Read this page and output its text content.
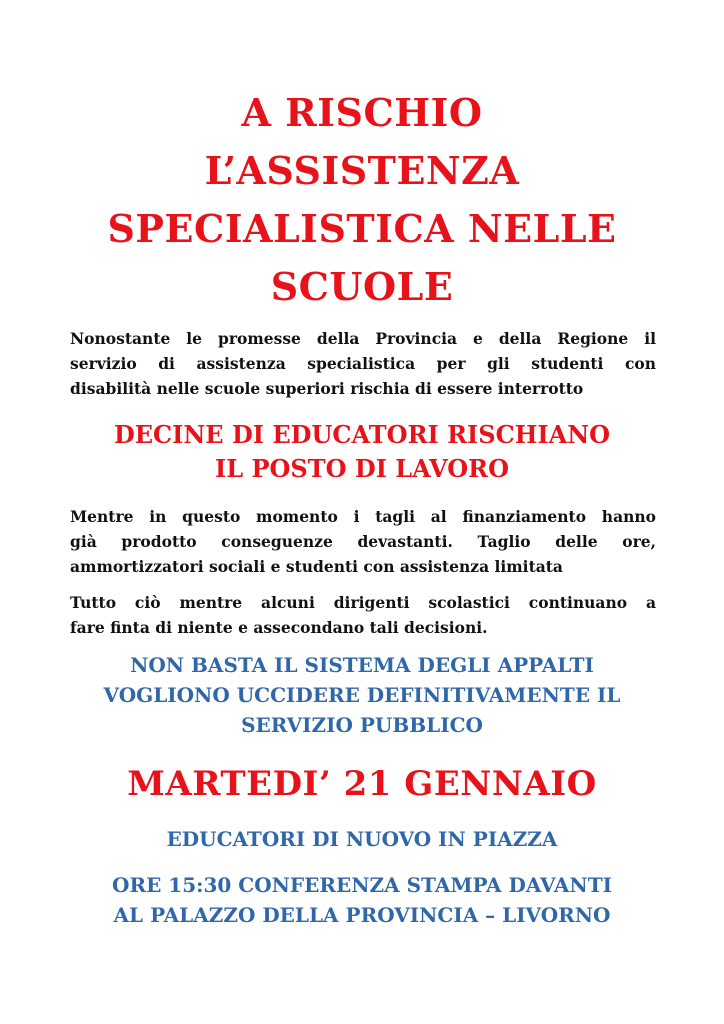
A RISCHIO
L’ASSISTENZA
SPECIALISTICA NELLE
SCUOLE
Nonostante le promesse della Provincia e della Regione il
servizio di assistenza specialistica per gli studenti con
disabilità nelle scuole superiori rischia di essere interrotto
DECINE DI EDUCATORI RISCHIANO
IL POSTO DI LAVORO
Mentre in questo momento i tagli al finanziamento hanno
già prodotto conseguenze devastanti. Taglio delle ore,
ammortizzatori sociali e studenti con assistenza limitata
Tutto ciò mentre alcuni dirigenti scolastici continuano a
fare finta di niente e assecondano tali decisioni.
NON BASTA IL SISTEMA DEGLI APPALTI
VOGLIONO UCCIDERE DEFINITIVAMENTE IL
SERVIZIO PUBBLICO
MARTEDI’ 21 GENNAIO
EDUCATORI DI NUOVO IN PIAZZA
ORE 15:30 CONFERENZA STAMPA DAVANTI
AL PALAZZO DELLA PROVINCIA – LIVORNO
